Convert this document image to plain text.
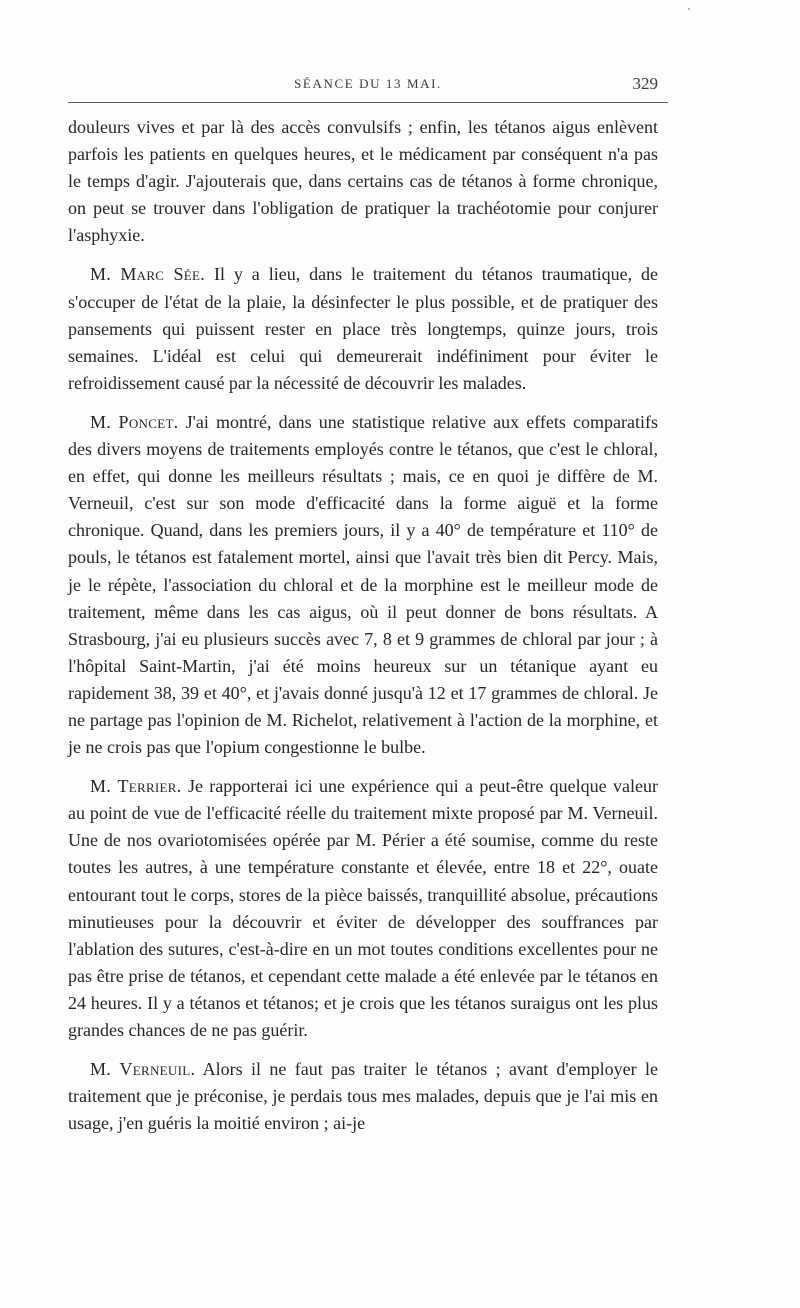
SÉANCE DU 13 MAI.	329

douleurs vives et par là des accès convulsifs ; enfin, les tétanos aigus enlèvent parfois les patients en quelques heures, et le médicament par conséquent n'a pas le temps d'agir. J'ajouterais que, dans certains cas de tétanos à forme chronique, on peut se trouver dans l'obligation de pratiquer la trachéotomie pour conjurer l'asphyxie.

M. Marc Sée. Il y a lieu, dans le traitement du tétanos traumatique, de s'occuper de l'état de la plaie, la désinfecter le plus possible, et de pratiquer des pansements qui puissent rester en place très longtemps, quinze jours, trois semaines. L'idéal est celui qui demeurerait indéfiniment pour éviter le refroidissement causé par la nécessité de découvrir les malades.

M. Poncet. J'ai montré, dans une statistique relative aux effets comparatifs des divers moyens de traitements employés contre le tétanos, que c'est le chloral, en effet, qui donne les meilleurs résultats ; mais, ce en quoi je diffère de M. Verneuil, c'est sur son mode d'efficacité dans la forme aiguë et la forme chronique. Quand, dans les premiers jours, il y a 40° de température et 110° de pouls, le tétanos est fatalement mortel, ainsi que l'avait très bien dit Percy. Mais, je le répète, l'association du chloral et de la morphine est le meilleur mode de traitement, même dans les cas aigus, où il peut donner de bons résultats. A Strasbourg, j'ai eu plusieurs succès avec 7, 8 et 9 grammes de chloral par jour ; à l'hôpital Saint-Martin, j'ai été moins heureux sur un tétanique ayant eu rapidement 38, 39 et 40°, et j'avais donné jusqu'à 12 et 17 grammes de chloral. Je ne partage pas l'opinion de M. Richelot, relativement à l'action de la morphine, et je ne crois pas que l'opium congestionne le bulbe.

M. Terrier. Je rapporterai ici une expérience qui a peut-être quelque valeur au point de vue de l'efficacité réelle du traitement mixte proposé par M. Verneuil. Une de nos ovariotomisées opérée par M. Périer a été soumise, comme du reste toutes les autres, à une température constante et élevée, entre 18 et 22°, ouate entourant tout le corps, stores de la pièce baissés, tranquillité absolue, précautions minutieuses pour la découvrir et éviter de développer des souffrances par l'ablation des sutures, c'est-à-dire en un mot toutes conditions excellentes pour ne pas être prise de tétanos, et cependant cette malade a été enlevée par le tétanos en 24 heures. Il y a tétanos et tétanos; et je crois que les tétanos suraigus ont les plus grandes chances de ne pas guérir.

M. Verneuil. Alors il ne faut pas traiter le tétanos ; avant d'employer le traitement que je préconise, je perdais tous mes malades, depuis que je l'ai mis en usage, j'en guéris la moitié environ ; ai-je
